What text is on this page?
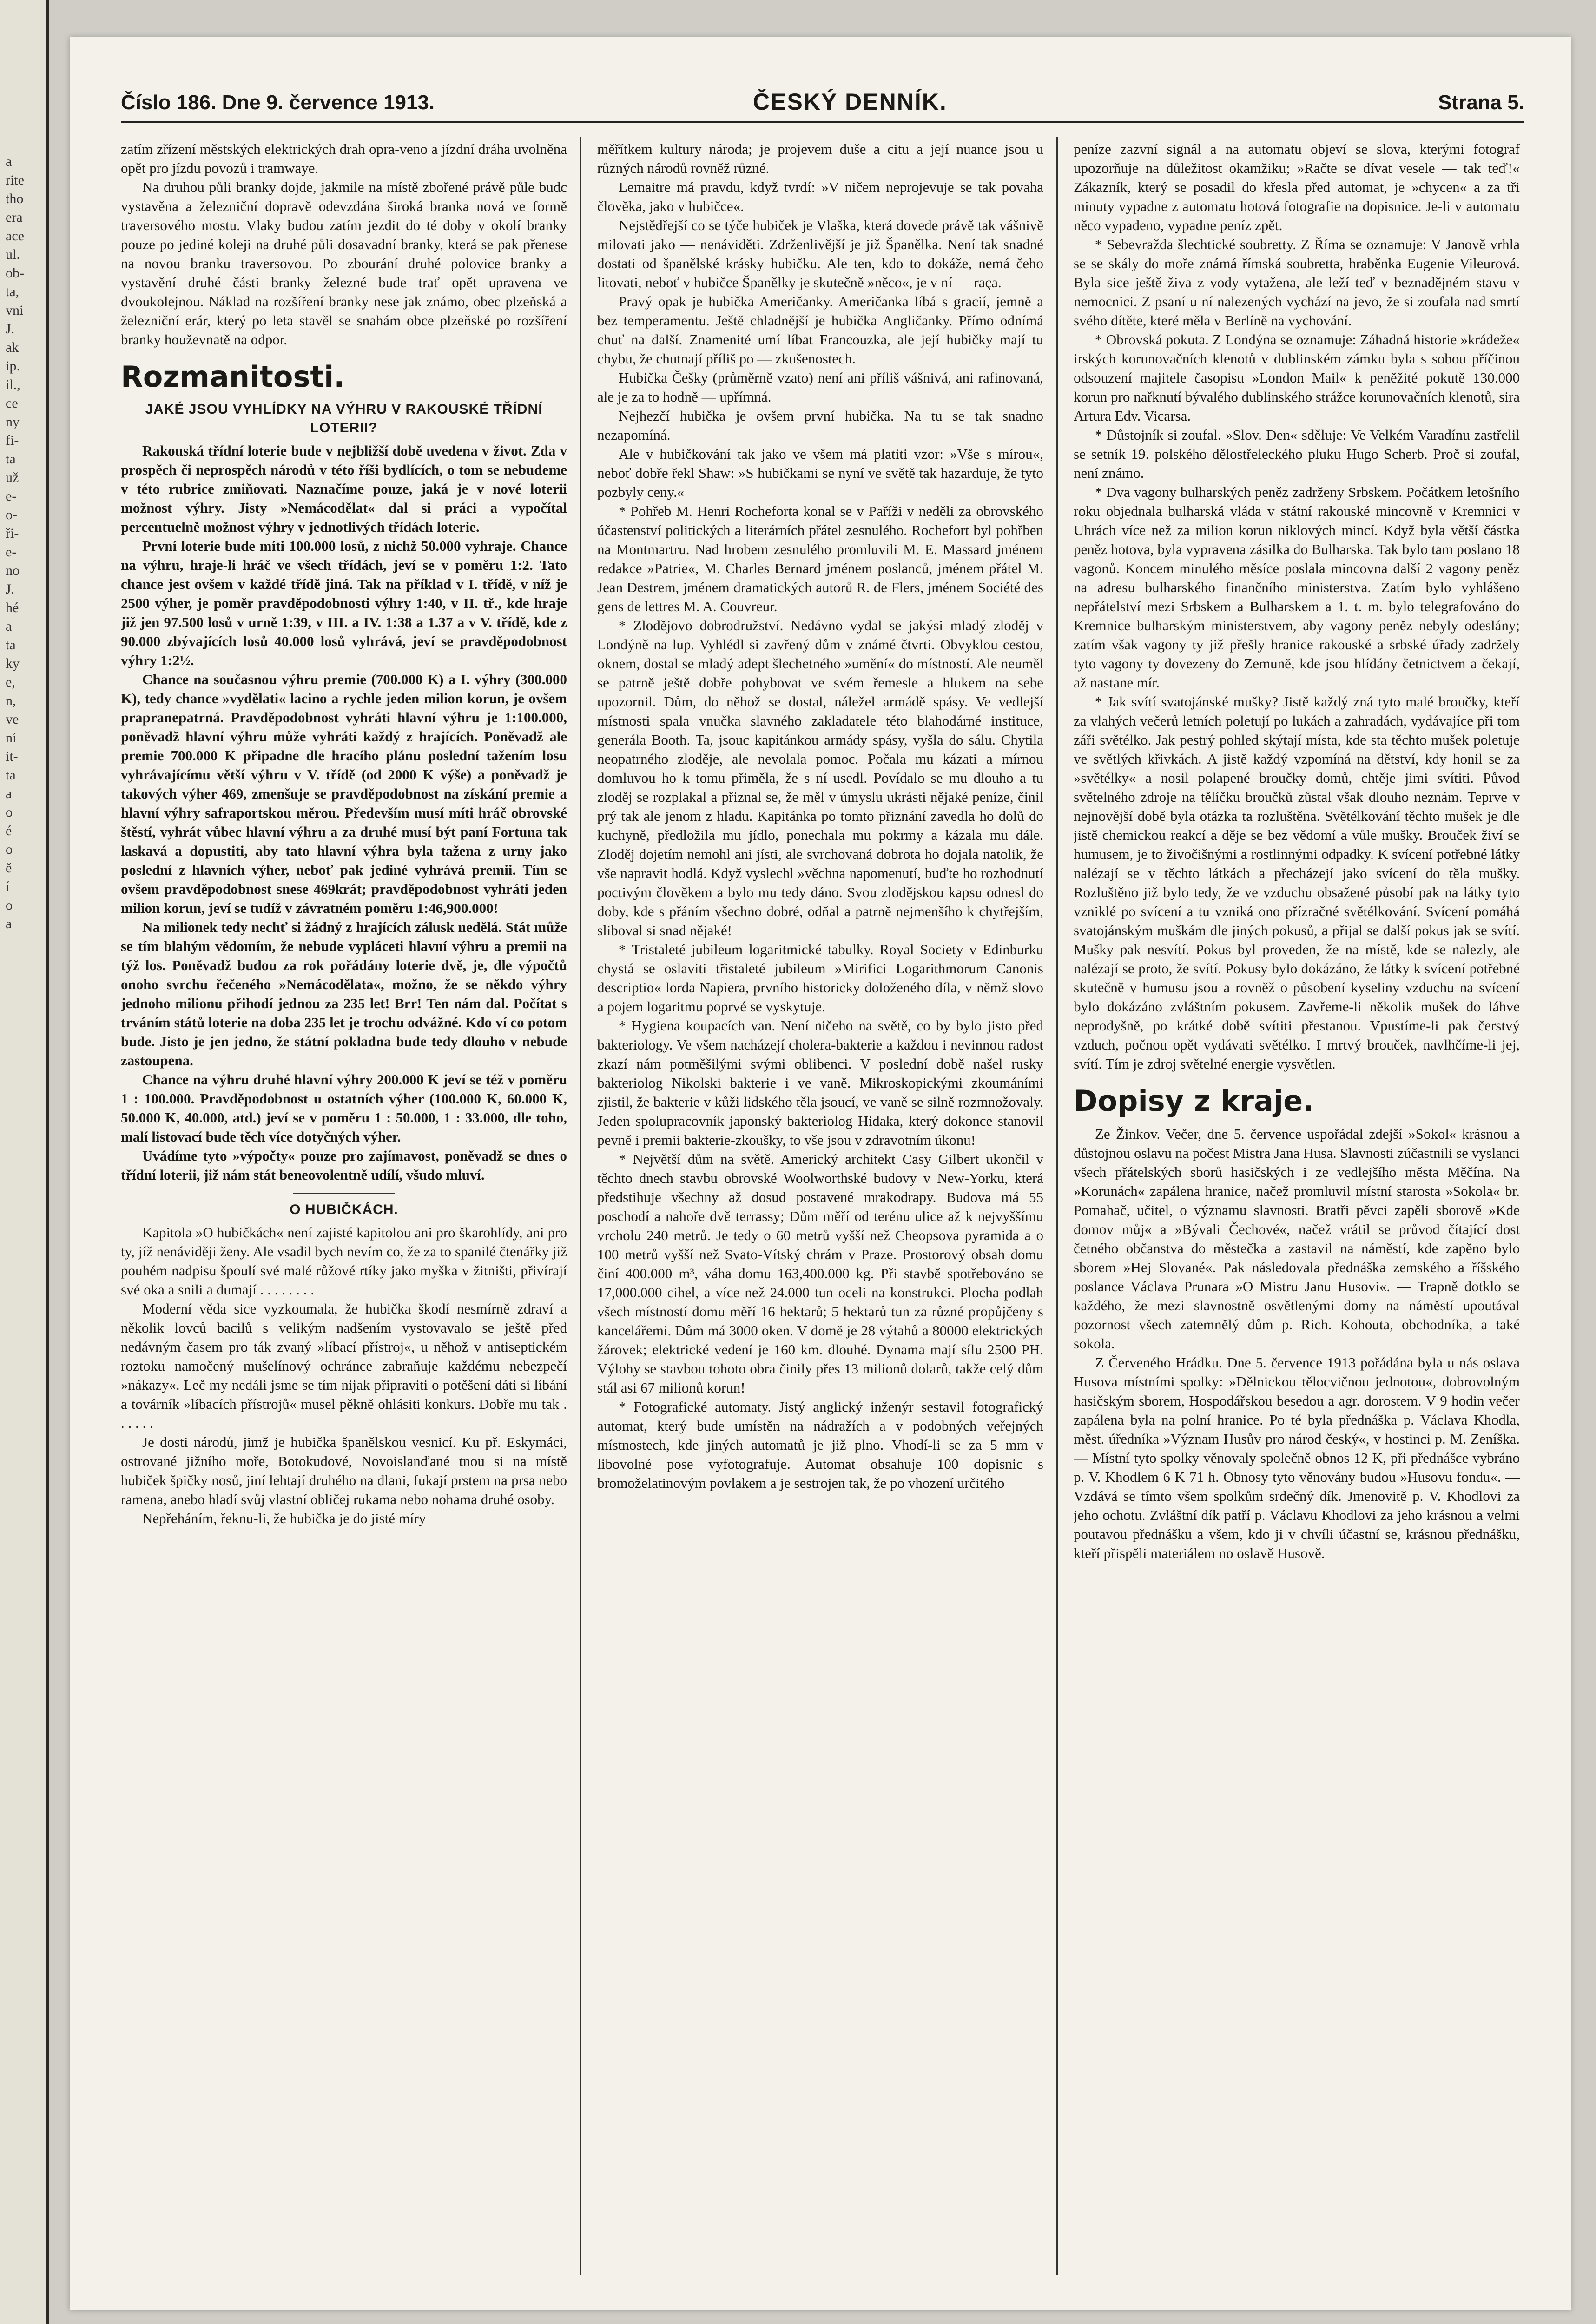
a
rite
tho
era
ace
ul.
ob-
ta,
vni
J.
ak
ip.
il.,
ce
ny
fi-
ta
už
e-
o-
ři-
e-
no
J.
hé
a
ta
ky
e,
n,
ve
ní
it-
ta
a
o
é
o
ě
í
o
a
Číslo 186. Dne 9. července 1913.	ČESKÝ DENNÍK.	Strana 5.

zatím zřízení městských elektrických drah oprа-veno a jízdní dráha uvolněna opět pro jízdu povozů i tramwaye.

Na druhou půli branky dojde, jakmile na místě zbořené právě půle budc vystavěna a železniční dopravě odevzdána široká branka nová ve formě traversového mostu. Vlaky budou zatím jezdit do té doby v okolí branky pouze po jediné koleji na druhé půli dosavadní branky, která se pak přenese na novou branku traversovou. Po zbourání druhé polovice branky a vystavění druhé části branky železné bude trať opět upravena ve dvoukolejnou. Náklad na rozšíření branky nese jak známo, obec plzeňská a železniční erár, který po leta stavěl se snahám obce plzeňské po rozšíření branky houževnatě na odpor.

Rozmanitosti.
JAKÉ JSOU VYHLÍDKY NA VÝHRU V RAKOUSKÉ TŘÍDNÍ LOTERII?

Rakouská třídní loterie bude v nejbližší době uvedena v život. Zda v prospěch či neprospěch národů v této říši bydlících, o tom se nebudeme v této rubrice zmiňovati. Naznačíme pouze, jaká je v nové loterii možnost výhry. Jisty »Nemácodělat« dal si práci a vypočítal percentuelně možnost výhry v jednotlivých třídách loterie.

První loterie bude míti 100.000 losů, z nichž 50.000 vyhraje. Chance na výhru, hraje-li hráč ve všech třídách, jeví se v poměru 1:2. Tato chance jest ovšem v každé třídě jiná. Tak na příklad v I. třídě, v níž je 2500 výher, je poměr pravděpodobnosti výhry 1:40, v II. tř., kde hraje již jen 97.500 losů v urně 1:39, v III. a IV. 1:38 a 1.37 a v V. třídě, kde z 90.000 zbývajících losů 40.000 losů vyhrává, jeví se pravděpodobnost výhry 1:2½.

Chance na současnou výhru premie (700.000 K) a I. výhry (300.000 K), tedy chance »vydělati« lacino a rychle jeden milion korun, je ovšem prapranepatrná. Pravděpodobnost vyhráti hlavní výhru je 1:100.000, poněvadž hlavní výhru může vyhráti každý z hrajících. Poněvadž ale premie 700.000 K připadne dle hracího plánu poslední tažením losu vyhrávajícímu větší výhru v V. třídě (od 2000 K výše) a poněvadž je takových výher 469, zmenšuje se pravděpodobnost na získání premie a hlavní výhry safraportskou měrou. Především musí míti hráč obrovské štěstí, vyhrát vůbec hlavní výhru a za druhé musí být paní Fortuna tak laskavá a dopustiti, aby tato hlavní výhra byla tažena z urny jako poslední z hlavních výher, neboť pak jediné vyhrává premii. Tím se ovšem pravděpodobnost snese 469krát; pravděpodobnost vyhráti jeden milion korun, jeví se tudíž v závratném poměru 1:46,900.000!

Na milionek tedy nechť si žádný z hrajících zálusk nedělá. Stát může se tím blahým vědomím, že nebude vypláceti hlavní výhru a premii na týž los. Poněvadž budou za rok pořádány loterie dvě, je, dle výpočtů onoho svrchu řečeného »Nemácodělata«, možno, že se někdo výhry jednoho milionu přihodí jednou za 235 let! Brr! Ten nám dal. Počítat s trváním států loterie na doba 235 let je trochu odvážné. Kdo ví co potom bude. Jisto je jen jedno, že státní pokladna bude tedy dlouho v nebude zastoupena.

Chance na výhru druhé hlavní výhry 200.000 K jeví se též v poměru 1 : 100.000. Pravděpodobnost u ostatních výher (100.000 K, 60.000 K, 50.000 K, 40.000, atd.) jeví se v poměru 1 : 50.000, 1 : 33.000, dle toho, malí listovací bude těch více dotyčných výher.

Uvádíme tyto »výpočty« pouze pro zajímavost, poněvadž se dnes o třídní loterii, již nám stát beneovolentně udílí, všudo mluví.

O HUBIČKÁCH.

Kapitola »O hubičkách« není zajisté kapitolou ani pro škarohlídy, ani pro ty, jíž nenáviději ženy. Ale vsadil bych nevím co, že za to spanilé čtenářky již pouhém nadpisu špoulí své malé růžové rtíky jako myška v žitništi, přivírají své oka a snili a dumají . . . . . . . .

Moderní věda sice vyzkoumala, že hubička škodí nesmírně zdraví a několik lovců bacilů s velikým nadšením vystovavalo se ještě před nedávným časem pro ták zvaný »líbací přístroj«, u něhož v antiseptickém roztoku namočený mušelínový ochránce zabraňuje každému nebezpečí »nákazy«. Leč my nedáli jsme se tím nijak připraviti o potěšení dáti si líbání a továrník »líbacích přístrojů« musel pěkně ohlásiti konkurs. Dobře mu tak . . . . . .

Je dosti národů, jimž je hubička španělskou vesnicí. Ku př. Eskymáci, ostrované jižního moře, Botokudové, Novoislanďané tnou si na místě hubiček špičky nosů, jiní lehtají druhého na dlani, fukají prstem na prsa nebo ramena, anebo hladí svůj vlastní obličej rukama nebo nohama druhé osoby.

Nepřeháním, řeknu-li, že hubička je do jisté míry

měřítkem kultury národa; je projevem duše a citu a její nuance jsou u různých národů rovněž různé.

Lemaitre má pravdu, když tvrdí: »V ničem neprojevuje se tak povaha člověka, jako v hubičce«.

Nejstědřejší co se týče hubiček je Vlaška, která dovede právě tak vášnivě milovati jako — nenáviděti. Zdrženlivější je již Španělka. Není tak snadné dostati od španělské krásky hubičku. Ale ten, kdo to dokáže, nemá čeho litovati, neboť v hubičce Španělky je skutečně »něco«, je v ní — raça.

Pravý opak je hubička Američanky. Američanka líbá s gracií, jemně a bez temperamentu. Ještě chladnější je hubička Angličanky. Přímo odnímá chuť na další. Znamenité umí líbat Francouzka, ale její hubičky mají tu chybu, že chutnají příliš po — zkušenostech.

Hubička Češky (průměrně vzato) není ani příliš vášnivá, ani rafinovaná, ale je za to hodně — upřímná.

Nejhezčí hubička je ovšem první hubička. Na tu se tak snadno nezapomíná.

Ale v hubičkování tak jako ve všem má platiti vzor: »Vše s mírou«, neboť dobře řekl Shaw: »S hubičkami se nyní ve světě tak hazarduje, že tyto pozbyly ceny.«

* Pohřeb M. Henri Rochefortа konal se v Paříži v neděli za obrovského účastenství politických a literárních přátel zesnulého. Rochefort byl pohřben na Montmartru. Nad hrobem zesnulého promluvili M. E. Massard jménem redakce »Patrie«, M. Charles Bernard jménem poslanců, jménem přátel M. Jean Destrem, jménem dramatických autorů R. de Flers, jménem Société des gens de lettres M. A. Couvreur.

* Zlodějovo dobrodružství. Nedávno vydal se jakýsi mladý zloděj v Londýně na lup. Vyhlédl si zavřený dům v známé čtvrti. Obvyklou cestou, oknem, dostal se mladý adept šlechetného »umění« do místností. Ale neuměl se patrně ještě dobře pohybovat ve svém řemesle a hlukem na sebe upozornil. Dům, do něhož se dostal, náležel armádě spásy. Ve vedlejší místnosti spala vnučka slavného zakladatele této blahodárné instituce, generála Booth. Ta, jsouc kapitánkou armády spásy, vyšla do sálu. Chytila neopatrného zloděje, ale nevolala pomoc. Počala mu kázati a mírnou domluvou ho k tomu přiměla, že s ní usedl. Povídalo se mu dlouho a tu zloděj se rozplakal a přiznal se, že měl v úmyslu ukrásti nějaké peníze, činil prý tak ale jenom z hladu. Kapitánka po tomto přiznání zavedla ho dolů do kuchyně, předložila mu jídlo, ponechala mu pokrmy a kázala mu dále. Zloděj dojetím nemohl ani jísti, ale svrchovaná dobrota ho dojala natolik, že vše napravit hodlá. Když vyslechl »věchna napomenutí, buďte ho rozhodnutí poctivým člověkem a bylo mu tedy dáno. Svou zlodějskou kapsu odnesl do doby, kde s přáním všechno dobré, odňal a patrně nejmenšího k chytřejším, sliboval si snad nějaké!

* Tristaleté jubileum logaritmické tabulky. Royal Society v Edinburku chystá se oslaviti třistaleté jubileum »Mirifici Logarithmorum Canonis descriptio« lorda Napiera, prvního historicky doloženého díla, v němž slovo a pojem logaritmu poprvé se vyskytuje.

* Hygiena koupacích van. Není ničeho na světě, co by bylo jisto před bakteriology. Ve všem nacházejí cholera-bakterie a každou i nevinnou radost zkazí nám potměšilými svými oblibenci. V poslední době našel rusky bakteriolog Nikolski bakterie i ve vaně. Mikroskopickými zkoumáními zjistil, že bakterie v kůži lidského těla jsoucí, ve vaně se silně rozmnožovaly. Jeden spolupracovník japonský bakteriolog Hidaka, který dokonce stanovil pevně i premii bakterie-zkoušky, to vše jsou v zdravotním úkonu!

* Největší dům na světě. Americký architekt Casy Gilbert ukončil v těchto dnech stavbu obrovské Woolworthské budovy v New-Yorku, která předstihuje všechny až dosud postavené mrakodrapy. Budova má 55 poschodí a nahoře dvě terrassy; Dům měří od terénu ulice až k nejvyššímu vrcholu 240 metrů. Je tedy o 60 metrů vyšší než Cheopsova pyramida a o 100 metrů vyšší než Svato-Vítský chrám v Praze. Prostorový obsah domu činí 400.000 m³, váha domu 163,400.000 kg. Při stavbě spotřebováno se 17,000.000 cihel, a více než 24.000 tun oceli na konstrukci. Plocha podlah všech místností domu měří 16 hektarů; 5 hektarů tun za různé propůjčeny s kancelářemi. Dům má 3000 oken. V domě je 28 výtahů a 80000 elektrických žárovek; elektrické vedení je 160 km. dlouhé. Dynama mají sílu 2500 PH. Výlohy se stavbou tohoto obra činily přes 13 milionů dolarů, takže celý dům stál asi 67 milionů korun!

* Fotografické automaty. Jistý anglický inženýr sestavil fotografický automat, který bude umístěn na nádražích a v podobných veřejných místnostech, kde jiných automatů je již plno. Vhodí-li se za 5 mm v libovolné pose vyfotografuje. Automat obsahuje 100 dopisnic s bromoželatinovým povlakem a je sestrojen tak, že po vhození určitého

peníze zazvní signál a na automatu objeví se slova, kterými fotograf upozorňuje na důležitost okamžiku; »Račte se dívat vesele — tak teď!« Zákazník, který se posadil do křesla před automat, je »chycen« a za tři minuty vypadne z automatu hotová fotografie na dopisnice. Je-li v automatu něco vypadeno, vypadne peníz zpět.

* Sebevražda šlechtické soubretty. Z Říma se oznamuje: V Janově vrhla se se skály do moře známá římská soubretta, hraběnka Eugenie Vileurová. Byla sice ještě živa z vody vytažena, ale leží teď v beznadějném stavu v nemocnici. Z psaní u ní nalezených vychází na jevo, že si zoufala nad smrtí svého dítěte, které měla v Berlíně na vychování.

* Obrovská pokuta. Z Londýna se oznamuje: Záhadná historie »krádeže« irských korunovačních klenotů v dublinském zámku byla s sobou příčinou odsouzení majitele časopisu »London Mail« k peněžité pokutě 130.000 korun pro nařknutí bývalého dublinského strážce korunovačních klenotů, sira Artura Edv. Vicarsa.

* Důstojník si zoufal. »Slov. Den« sděluje: Ve Velkém Varadínu zastřelil se setník 19. polského dělostřeleckého pluku Hugo Scherb. Proč si zoufal, není známo.

* Dva vagony bulharských peněz zadrženy Srbskem. Počátkem letošního roku objednala bulharská vláda v státní rakouské mincovně v Kremnici v Uhrách více než za milion korun niklových mincí. Když byla větší částka peněz hotova, byla vypravena zásilka do Bulharska. Tak bylo tam poslano 18 vagonů. Koncem minulého měsíce poslala mincovna další 2 vagony peněz na adresu bulharského finančního ministerstva. Zatím bylo vyhlášeno nepřátelství mezi Srbskem a Bulharskem a 1. t. m. bylo telegrafováno do Kremnice bulharským ministerstvem, aby vagony peněz nebyly odeslány; zatím však vagony ty již přešly hranice rakouské a srbské úřady zadržely tyto vagony ty dovezeny do Zemuně, kde jsou hlídány četnictvem a čekají, až nastane mír.

* Jak svítí svatojánské mušky? Jistě každý zná tyto malé broučky, kteří za vlahých večerů letních poletují po lukách a zahradách, vydávajíce při tom záři světélko. Jak pestrý pohled skýtají místa, kde sta těchto mušek poletuje ve světlých křivkách. A jistě každý vzpomíná na dětství, kdy honil se za »světélky« a nosil polapené broučky domů, chtěje jimi svítiti. Původ světelného zdroje na tělíčku broučků zůstal však dlouho neznám. Teprve v nejnovější době byla otázka ta rozluštěna. Světélkování těchto mušek je dle jistě chemickou reakcí a děje se bez vědomí a vůle mušky. Brouček živí se humusem, je to živočišnými a rostlinnými odpadky. K svícení potřebné látky nalézají se v těchto látkách a přecházejí jako svícení do těla mušky. Rozluštěno již bylo tedy, že ve vzduchu obsažené působí pak na látky tyto vzniklé po svícení a tu vzniká ono přízračné světélkování. Svícení pomáhá svatojánským muškám dle jiných pokusů, a přijal se další pokus jak se svítí. Mušky pak nesvítí. Pokus byl proveden, že na místě, kde se nalezly, ale nalézají se proto, že svítí. Pokusy bylo dokázáno, že látky k svícení potřebné skutečně v humusu jsou a rovněž o působení kyseliny vzduchu na svícení bylo dokázáno zvláštním pokusem. Zavřeme-li několik mušek do láhve neprodyšně, po krátké době svítiti přestanou. Vpustíme-li pak čerstvý vzduch, počnou opět vydávati světélko. I mrtvý brouček, navlhčíme-li jej, svítí. Tím je zdroj světelné energie vysvětlen.

Dopisy z kraje.

Ze Žinkov. Večer, dne 5. července uspořádal zdejší »Sokol« krásnou a důstojnou oslavu na počest Mistra Jana Husa. Slavnosti zúčastnili se vyslanci všech přátelských sborů hasičských i ze vedlejšího města Měčína. Na »Korunách« zapálena hranice, načež promluvil místní starosta »Sokola« br. Pomahač, učitel, o významu slavnosti. Bratři pěvci zapěli sborově »Kde domov můj« a »Bývali Čechové«, načež vrátil se průvod čítající dost četného občanstva do městečka a zastavil na náměstí, kde zapěno bylo sborem »Hej Slované«. Pak následovala přednáška zemského a říšského poslance Václava Prunara »O Mistru Janu Husovi«. — Trapně dotklo se každého, že mezi slavnostně osvětlenými domy na náměstí upoutával pozornost všech zatemnělý dům p. Rich. Kohouta, obchodníka, a také sokola.

Z Červeného Hrádku. Dne 5. července 1913 pořádána byla u nás oslava Husova místními spolky: »Dělnickou tělocvičnou jednotou«, dobrovolným hasičským sborem, Hospodářskou besedou a agr. dorostem. V 9 hodin večer zapálena byla na polní hranice. Po té byla přednáška p. Václava Khodla, měst. úředníka »Význam Husův pro národ český«, v hostinci p. M. Zeníška. — Místní tyto spolky věnovaly společně obnos 12 K, při přednášce vybráno p. V. Khodlem 6 K 71 h. Obnosy tyto věnovány budou »Husovu fondu«. — Vzdává se tímto všem spolkům srdečný dík. Jmenovitě p. V. Khodlovi za jeho ochotu. Zvláštní dík patří p. Václavu Khodlovi za jeho krásnou a velmi poutavou přednášku a všem, kdo ji v chvíli účastní se, krásnou přednášku, kteří přispěli materiálem no oslavě Husově.
